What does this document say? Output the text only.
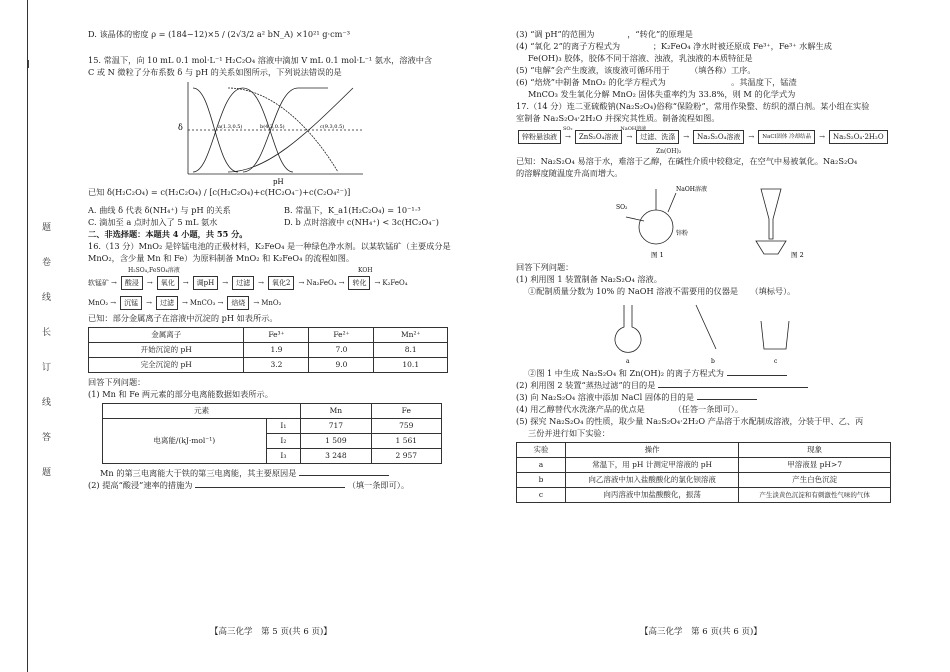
题
卷
线
长
订
线
答
题
D. 该晶体的密度 ρ = (184−12)×5 / (2√3/2 a² bN_A) ×10²¹ g·cm⁻³
15. 常温下，向 10 mL 0.1 mol·L⁻¹ H₂C₂O₄ 溶液中滴加 V mL 0.1 mol·L⁻¹ 氨水，溶液中含
C 或 N 微粒了分布系数 δ 与 pH 的关系如图所示，下列说法错误的是
δ	a(1.3,0.5)	b(4.3,0.5)	c(9.3,0.5)
pH
已知 δ(H₂C₂O₄) = c(H₂C₂O₄) / [c(H₂C₂O₄)+c(HC₂O₄⁻)+c(C₂O₄²⁻)]
A. 曲线 δ 代表 δ(NH₄⁺) 与 pH 的关系	B. 常温下，K_a1(H₂C₂O₄) = 10⁻¹·³
C. 滴加至 a 点时加入了 5 mL 氨水	D. b 点时溶液中 c(NH₄⁺) < 3c(HC₂O₄⁻)
二、非选择题：本题共 4 小题，共 55 分。
16.（13 分）MnO₂ 是锌锰电池的正极材料，K₂FeO₄ 是一种绿色净水剂。以某软锰矿（主要成分是
MnO₂，含少量 Mn 和 Fe）为原料制备 MnO₂ 和 K₂FeO₄ 的流程如图。
H₂SO₄,FeSO₄溶液	KOH
软锰矿 →	酸浸	→	氧化	→	调pH	→	过滤	→	氧化2	→ Na₂FeO₄ →	转化	→ K₂FeO₄
MnO₂ →	沉锰	→	过滤	→ MnCO₃ →	焙烧	→ MnO₂
已知：部分金属离子在溶液中沉淀的 pH 如表所示。
金属离子	Fe³⁺	Fe²⁺	Mn²⁺
开始沉淀的 pH	1.9	7.0	8.1
完全沉淀的 pH	3.2	9.0	10.1
回答下列问题：
(1) Mn 和 Fe 两元素的部分电离能数据如表所示。
元素		Mn	Fe
电离能/(kJ·mol⁻¹)	I₁	717	759
	I₂	1 509	1 561
	I₃	3 248	2 957
Mn 的第三电离能大于铁的第三电离能，其主要原因是
(2) 提高“酸浸”速率的措施为	（填一条即可）。
【高三化学　第 5 页(共 6 页)】
(3) “调 pH”的范围为　　　　，“转化”的原理是
(4) “氧化 2”的离子方程式为　　　　；K₂FeO₄ 净水时被还原成 Fe³⁺，Fe³⁺ 水解生成
Fe(OH)₃ 胶体，胶体不同于溶液、浊液，乳浊液的本质特征是
(5) “电解”会产生废液，该废液可循环用于　　　（填各称）工序。
(6) “焙烧”中制备 MnO₂ 的化学方程式为　　　　　　　　。其温度下，锰渣
MnCO₃ 发生氧化分解 MnO₂ 固体失重率约为 33.8%，则 M 的化学式为
17.（14 分）连二亚硫酸钠(Na₂S₂O₄)俗称“保险粉”，常用作染整、纺织的漂白剂。某小组在实验
室制备 Na₂S₂O₄·2H₂O 并探究其性质。制备流程如图。
锌粉悬浊液	→
SO₂
ZnS₂O₄溶液	→
NaOH溶液
过滤、洗涤	→	Na₂S₂O₄溶液	→	NaCl固体 冷却结晶	→	Na₂S₂O₄·2H₂O
Zn(OH)₂
已知：Na₂S₂O₄ 易溶于水，难溶于乙醇，在碱性介质中较稳定，在空气中易被氧化。Na₂S₂O₄
的溶解度随温度升高而增大。
SO₂
NaOH溶液
锌粉
图 1	图 2
回答下列问题：
(1) 利用图 1 装置制备 Na₂S₂O₄ 溶液。
①配制质量分数为 10% 的 NaOH 溶液不需要用的仪器是　　（填标号）。
a	b	c
②图 1 中生成 Na₂S₂O₄ 和 Zn(OH)₂ 的离子方程式为
(2) 利用图 2 装置“蒸热过滤”的目的是
(3) 向 Na₂S₂O₄ 溶液中添加 NaCl 固体的目的是
(4) 用乙醇替代水洗涤产品的优点是　　　　（任答一条即可）。
(5) 探究 Na₂S₂O₄ 的性质，取少量 Na₂S₂O₄·2H₂O 产品溶于水配制成溶液，分装于甲、乙、丙
三份并进行如下实验：
实验	操作	现象
a	常温下，用 pH 计测定甲溶液的 pH	甲溶液显 pH>7
b	向乙溶液中加入盐酸酸化的氯化钡溶液	产生白色沉淀
c	向丙溶液中加盐酸酸化，振荡	产生淡黄色沉淀和有刺激性气味的气体
【高三化学　第 6 页(共 6 页)】
